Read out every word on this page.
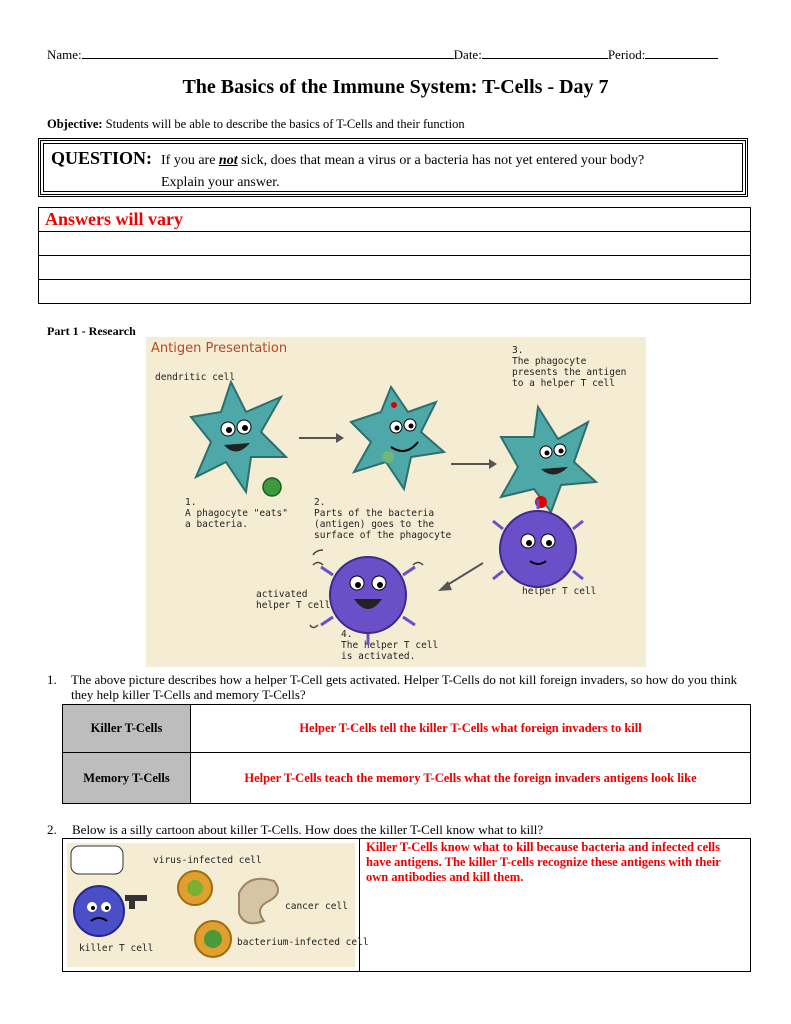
Name:	Date:	Period:
The Basics of the Immune System: T-Cells - Day 7
Objective: Students will be able to describe the basics of T-Cells and their function
QUESTION: If you are not sick, does that mean a virus or a bacteria has not yet entered your body?
Explain your answer.
Answers will vary

Part 1 - Research
Antigen Presentation
dendritic cell
1.
A phagocyte "eats"
a bacteria.
2.
Parts of the bacteria
(antigen) goes to the
surface of the phagocyte
3.
The phagocyte
presents the antigen
to a helper T cell
helper T cell
activated
helper T cell
4.
The helper T cell
is activated.
1. The above picture describes how a helper T-Cell gets activated. Helper T-Cells do not kill foreign invaders, so how do you think they help killer T-Cells and memory T-Cells?
Killer T-Cells	Helper T-Cells tell the killer T-Cells what foreign invaders to kill
Memory T-Cells	Helper T-Cells teach the memory T-Cells what the foreign invaders antigens look like
2. Below is a silly cartoon about killer T-Cells. How does the killer T-Cell know what to kill?
virus-infected cell
cancer cell
killer T cell
bacterium-infected cell
	Killer T-Cells know what to kill because bacteria and infected cells have antigens. The killer T-cells recognize these antigens with their own antibodies and kill them.
